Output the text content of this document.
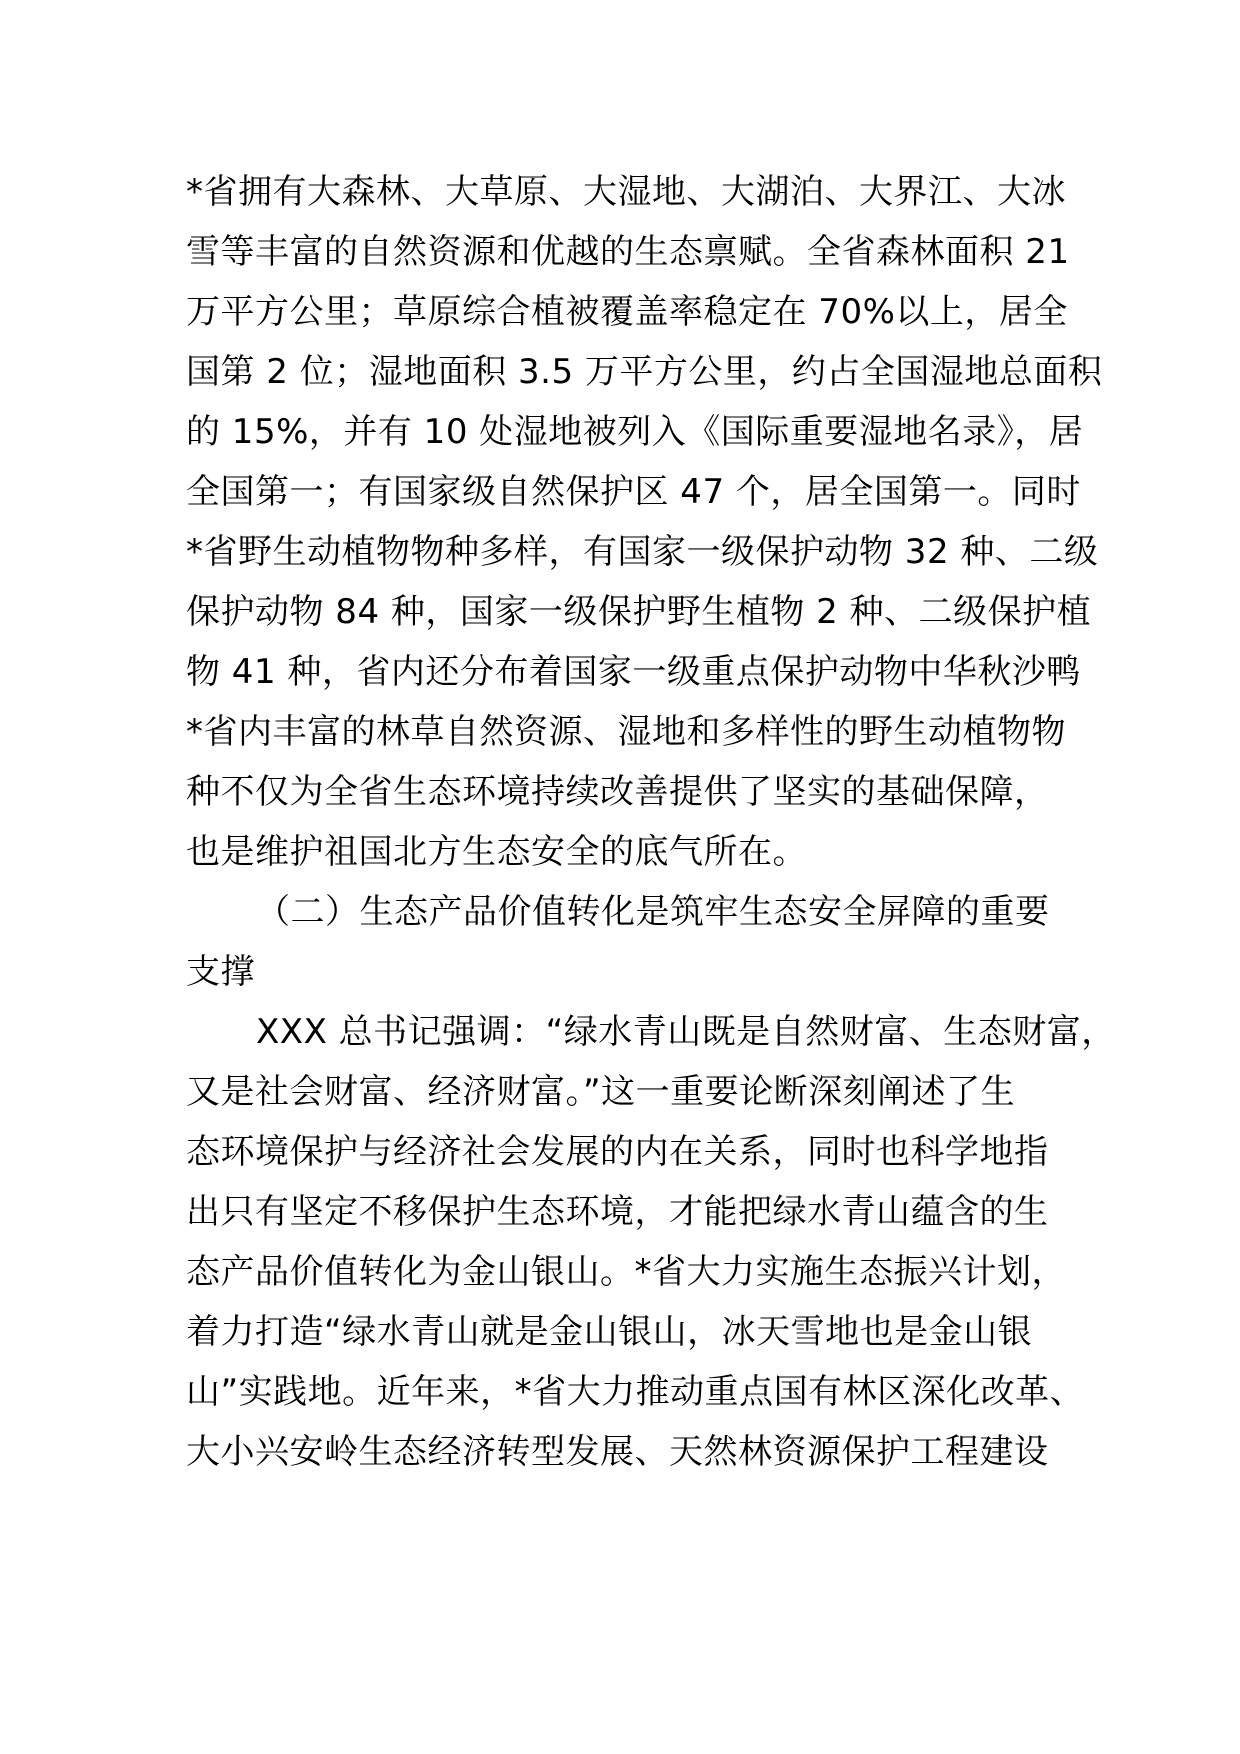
*省拥有大森林、大草原、大湿地、大湖泊、大界江、大冰
雪等丰富的自然资源和优越的生态禀赋。全省森林面积 21
万平方公里；草原综合植被覆盖率稳定在 70%以上，居全
国第 2 位；湿地面积 3.5 万平方公里，约占全国湿地总面积
的 15%，并有 10 处湿地被列入《国际重要湿地名录》，居
全国第一；有国家级自然保护区 47 个，居全国第一。同时
*省野生动植物物种多样，有国家一级保护动物 32 种、二级
保护动物 84 种，国家一级保护野生植物 2 种、二级保护植
物 41 种，省内还分布着国家一级重点保护动物中华秋沙鸭
*省内丰富的林草自然资源、湿地和多样性的野生动植物物
种不仅为全省生态环境持续改善提供了坚实的基础保障，
也是维护祖国北方生态安全的底气所在。
（二）生态产品价值转化是筑牢生态安全屏障的重要
支撑
XXX 总书记强调：“绿水青山既是自然财富、生态财富，
又是社会财富、经济财富。”这一重要论断深刻阐述了生
态环境保护与经济社会发展的内在关系，同时也科学地指
出只有坚定不移保护生态环境，才能把绿水青山蕴含的生
态产品价值转化为金山银山。*省大力实施生态振兴计划，
着力打造“绿水青山就是金山银山，冰天雪地也是金山银
山”实践地。近年来，*省大力推动重点国有林区深化改革、
大小兴安岭生态经济转型发展、天然林资源保护工程建设
